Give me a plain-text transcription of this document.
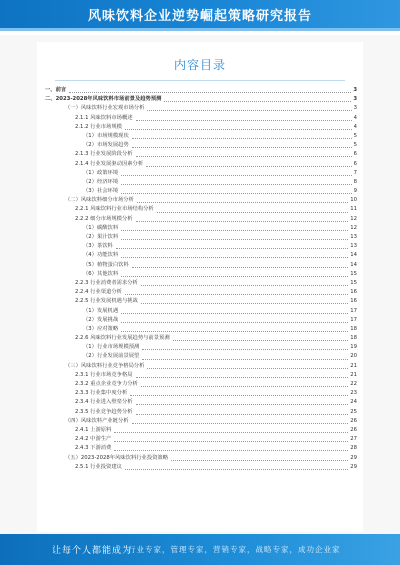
风味饮料企业逆势崛起策略研究报告
内容目录
一、前言	3
二、2023-2028年风味饮料市场前景及趋势预测	3
（一）风味饮料行业宏观市场分析	3
2.1.1 风味饮料市场概述	4
2.1.2 行业市场规模	4
（1）市场规模现状	5
（2）市场发展趋势	5
2.1.3 行业发展阶段分析	6
2.1.4 行业发展驱动因素分析	6
（1）政策环境	7
（2）经济环境	8
（3）社会环境	9
（二）风味饮料细分市场分析	10
2.2.1 风味饮料行业市场结构分析	11
2.2.2 细分市场规模分析	12
（1）碳酸饮料	12
（2）果汁饮料	13
（3）茶饮料	13
（4）功能饮料	14
（5）植物蛋白饮料	14
（6）其他饮料	15
2.2.3 行业消费者需求分析	15
2.2.4 行业渠道分析	16
2.2.5 行业发展机遇与挑战	16
（1）发展机遇	17
（2）发展挑战	17
（3）应对策略	18
2.2.6 风味饮料行业发展趋势与前景预测	18
（1）行业市场规模预测	19
（2）行业发展前景展望	20
（三）风味饮料行业竞争格局分析	21
2.3.1 行业市场竞争格局	21
2.3.2 重点企业竞争力分析	22
2.3.3 行业集中度分析	23
2.3.4 行业进入壁垒分析	24
2.3.5 行业竞争趋势分析	25
（四）风味饮料产业链分析	26
2.4.1 上游原料	26
2.4.2 中游生产	27
2.4.3 下游消费	28
（五）2023-2028年风味饮料行业投资策略	29
2.5.1 行业投资建议	29
让每个人都能成为
行业专家，管理专家，营销专家，战略专家，成功企业家
